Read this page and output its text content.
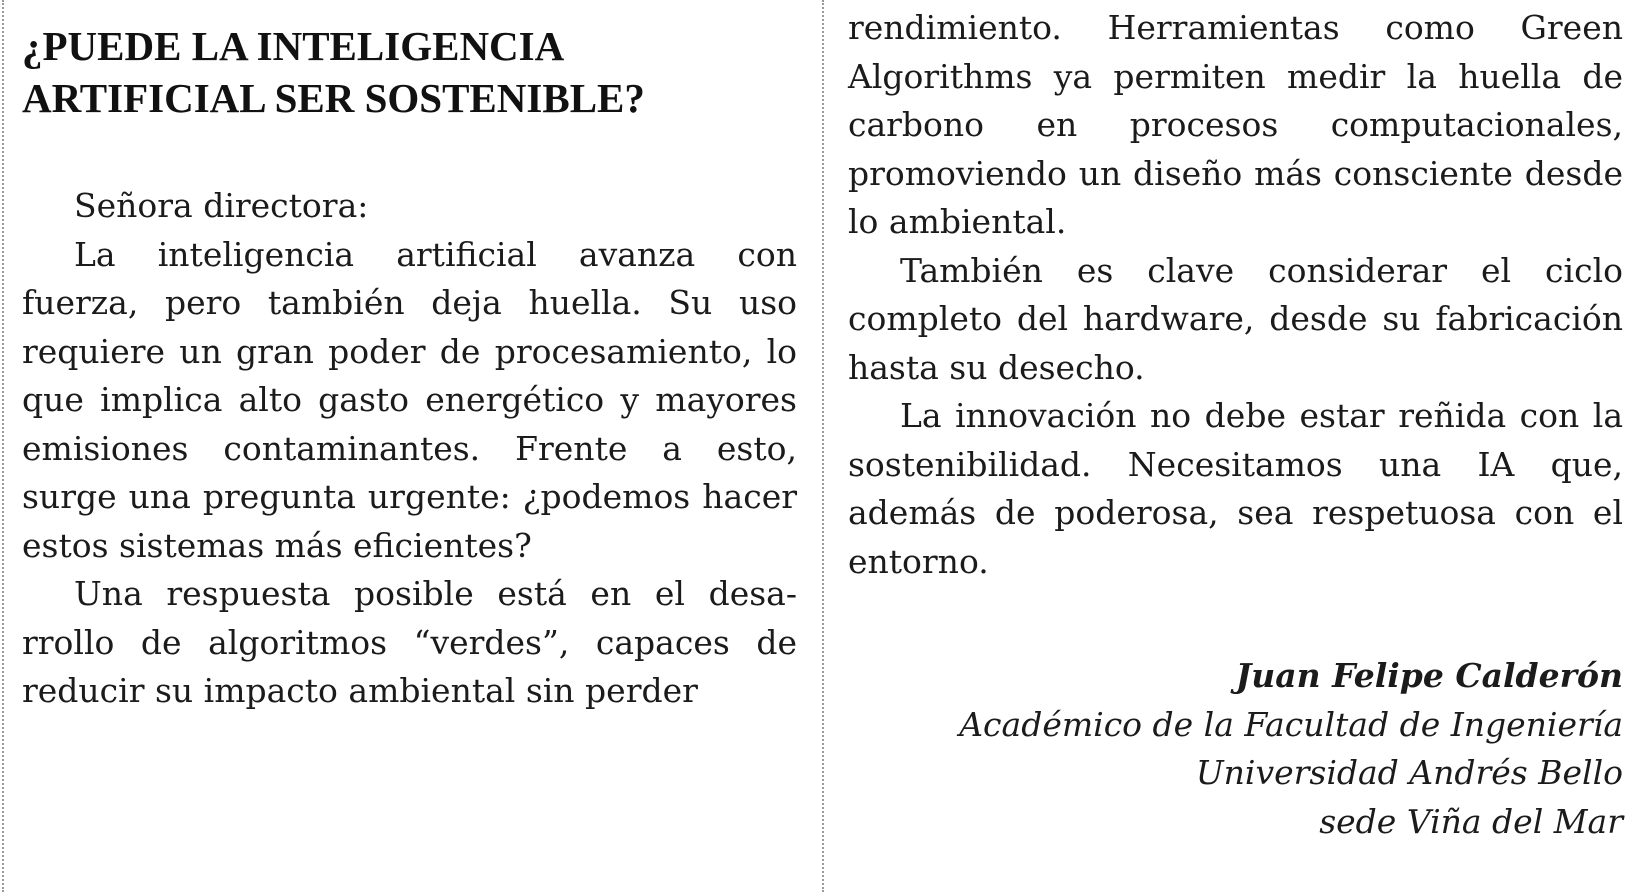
¿PUEDE LA INTELIGENCIA ARTIFICIAL SER SOSTENIBLE?

Señora directora:

La inteligencia artificial avanza con fuerza, pero también deja huella. Su uso requiere un gran poder de procesamiento, lo que implica alto gasto energético y mayores emisiones contaminantes. Frente a esto, surge una pregunta urgente: ¿podemos hacer estos sistemas más eficientes?

Una respuesta posible está en el desarrollo de algoritmos “verdes”, capaces de reducir su impacto ambiental sin perder

rendimiento. Herramientas como Green Algorithms ya permiten medir la huella de carbono en procesos computacionales, promoviendo un diseño más consciente desde lo ambiental.

También es clave considerar el ciclo completo del hardware, desde su fabricación hasta su desecho.

La innovación no debe estar reñida con la sostenibilidad. Necesitamos una IA que, además de poderosa, sea respetuosa con el entorno.

Juan Felipe Calderón
Académico de la Facultad de Ingeniería
Universidad Andrés Bello
sede Viña del Mar
